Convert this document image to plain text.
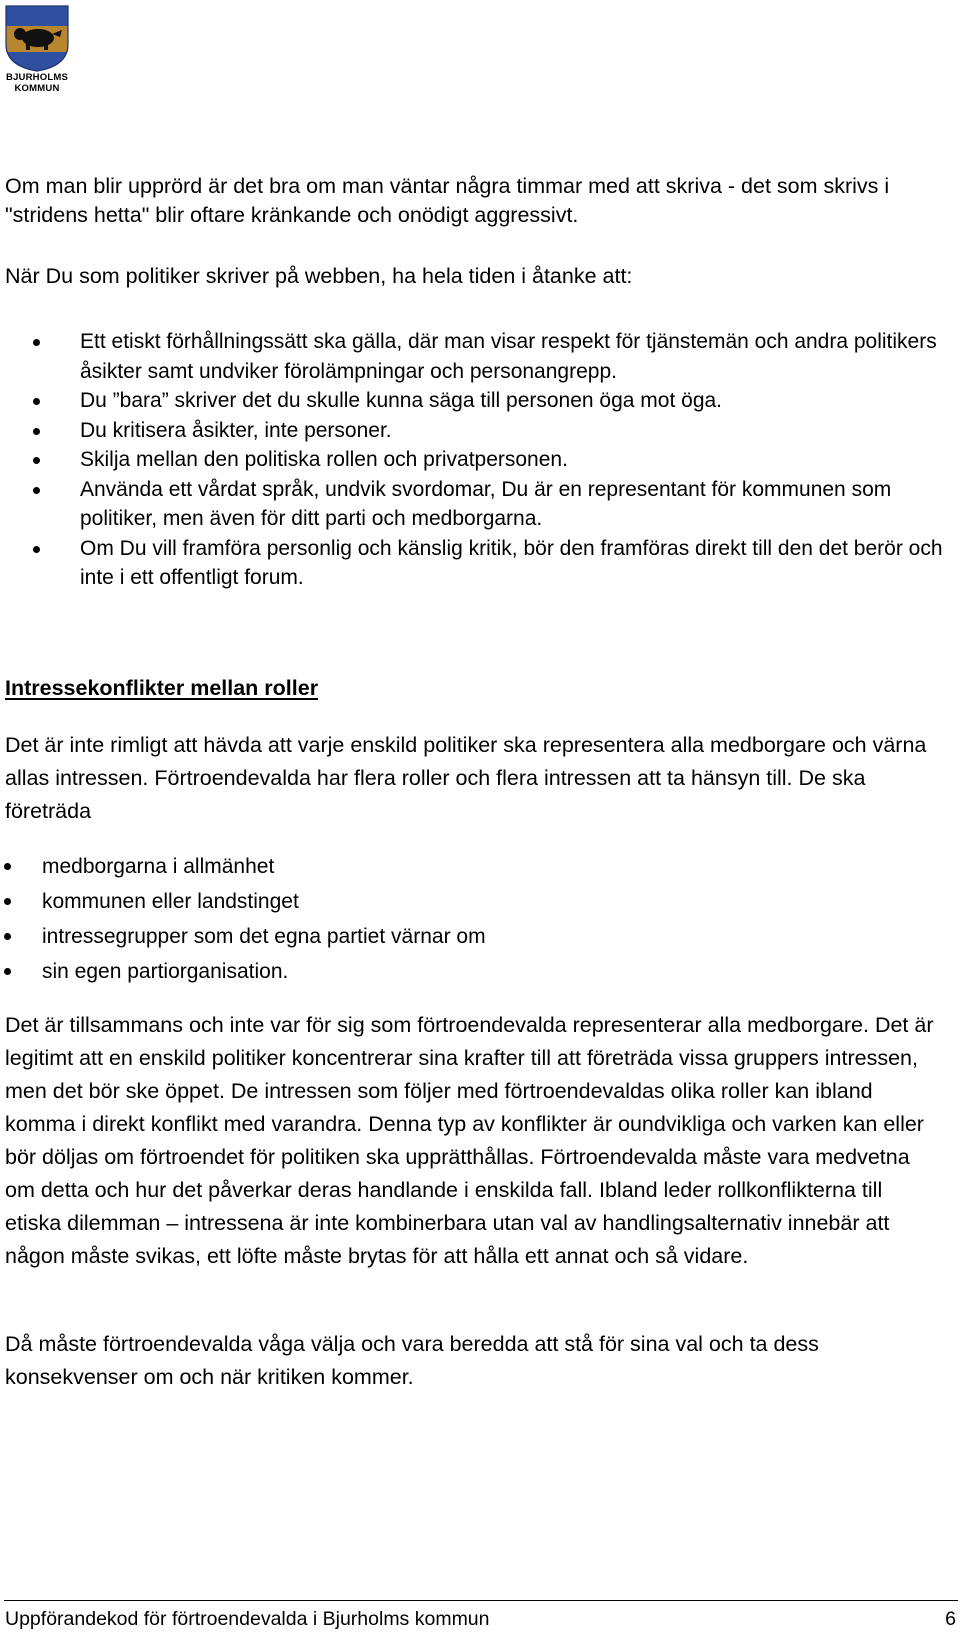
BJURHOLMS
KOMMUN
Om man blir upprörd är det bra om man väntar några timmar med att skriva - det som skrivs i "stridens hetta" blir oftare kränkande och onödigt aggressivt.
När Du som politiker skriver på webben, ha hela tiden i åtanke att:
Ett etiskt förhållningssätt ska gälla, där man visar respekt för tjänstemän och andra politikers åsikter samt undviker förolämpningar och personangrepp.
Du ”bara” skriver det du skulle kunna säga till personen öga mot öga.
Du kritisera åsikter, inte personer.
Skilja mellan den politiska rollen och privatpersonen.
Använda ett vårdat språk, undvik svordomar, Du är en representant för kommunen som politiker, men även för ditt parti och medborgarna.
Om Du vill framföra personlig och känslig kritik, bör den framföras direkt till den det berör och inte i ett offentligt forum.
Intressekonflikter mellan roller

Det är inte rimligt att hävda att varje enskild politiker ska representera alla medborgare och värna allas intressen. Förtroendevalda har flera roller och flera intressen att ta hänsyn till. De ska företräda

medborgarna i allmänhet
kommunen eller landstinget
intressegrupper som det egna partiet värnar om
sin egen partiorganisation.

Det är tillsammans och inte var för sig som förtroendevalda representerar alla medborgare. Det är legitimt att en enskild politiker koncentrerar sina krafter till att företräda vissa gruppers intressen, men det bör ske öppet. De intressen som följer med förtroendevaldas olika roller kan ibland komma i direkt konflikt med varandra. Denna typ av konflikter är oundvikliga och varken kan eller bör döljas om förtroendet för politiken ska upprätthållas. Förtroendevalda måste vara medvetna om detta och hur det påverkar deras handlande i enskilda fall. Ibland leder rollkonflikterna till etiska dilemman – intressena är inte kombinerbara utan val av handlingsalternativ innebär att någon måste svikas, ett löfte måste brytas för att hålla ett annat och så vidare.

Då måste förtroendevalda våga välja och vara beredda att stå för sina val och ta dess konsekvenser om och när kritiken kommer.

Uppförandekod för förtroendevalda i Bjurholms kommun	6
